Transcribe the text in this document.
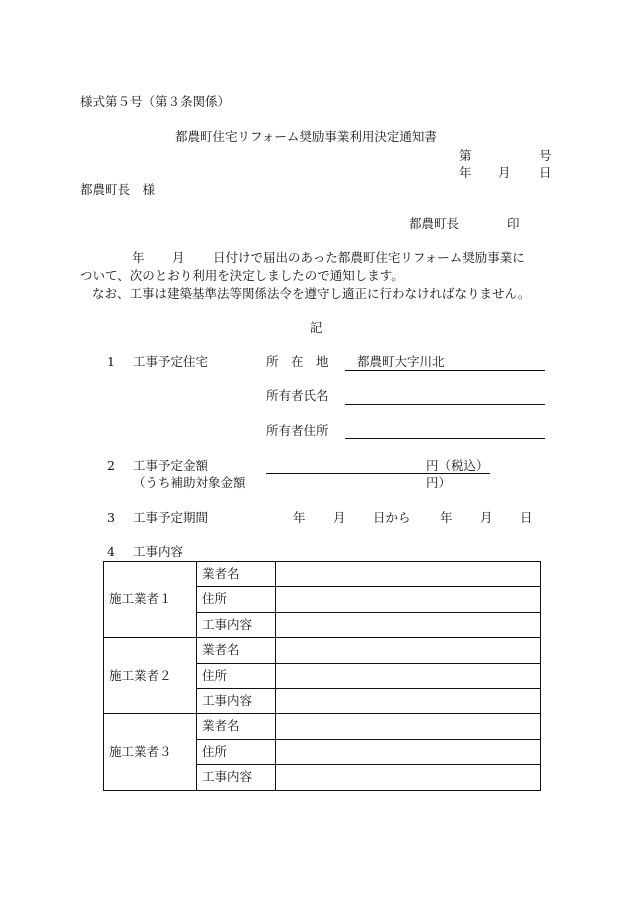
様式第５号（第３条関係）
都農町住宅リフォーム奨励事業利用決定通知書
第	号
年 月 日
都農町長　様
都農町長	印
年 月 日付けで届出のあった都農町住宅リフォーム奨励事業に
ついて、次のとおり利用を決定しましたので通知します。
なお、工事は建築基準法等関係法令を遵守し適正に行わなければなりません。
記
1 工事予定住宅	所　在　地 都農町大字川北
所有者氏名
所有者住所
2 工事予定金額	円（税込）
（うち補助対象金額	円）
3 工事予定期間	年 月 日から 年 月 日
4 工事内容
施工業者１	業者名	
	住所	
	工事内容	
施工業者２	業者名	
	住所	
	工事内容	
施工業者３	業者名	
	住所	
	工事内容	
